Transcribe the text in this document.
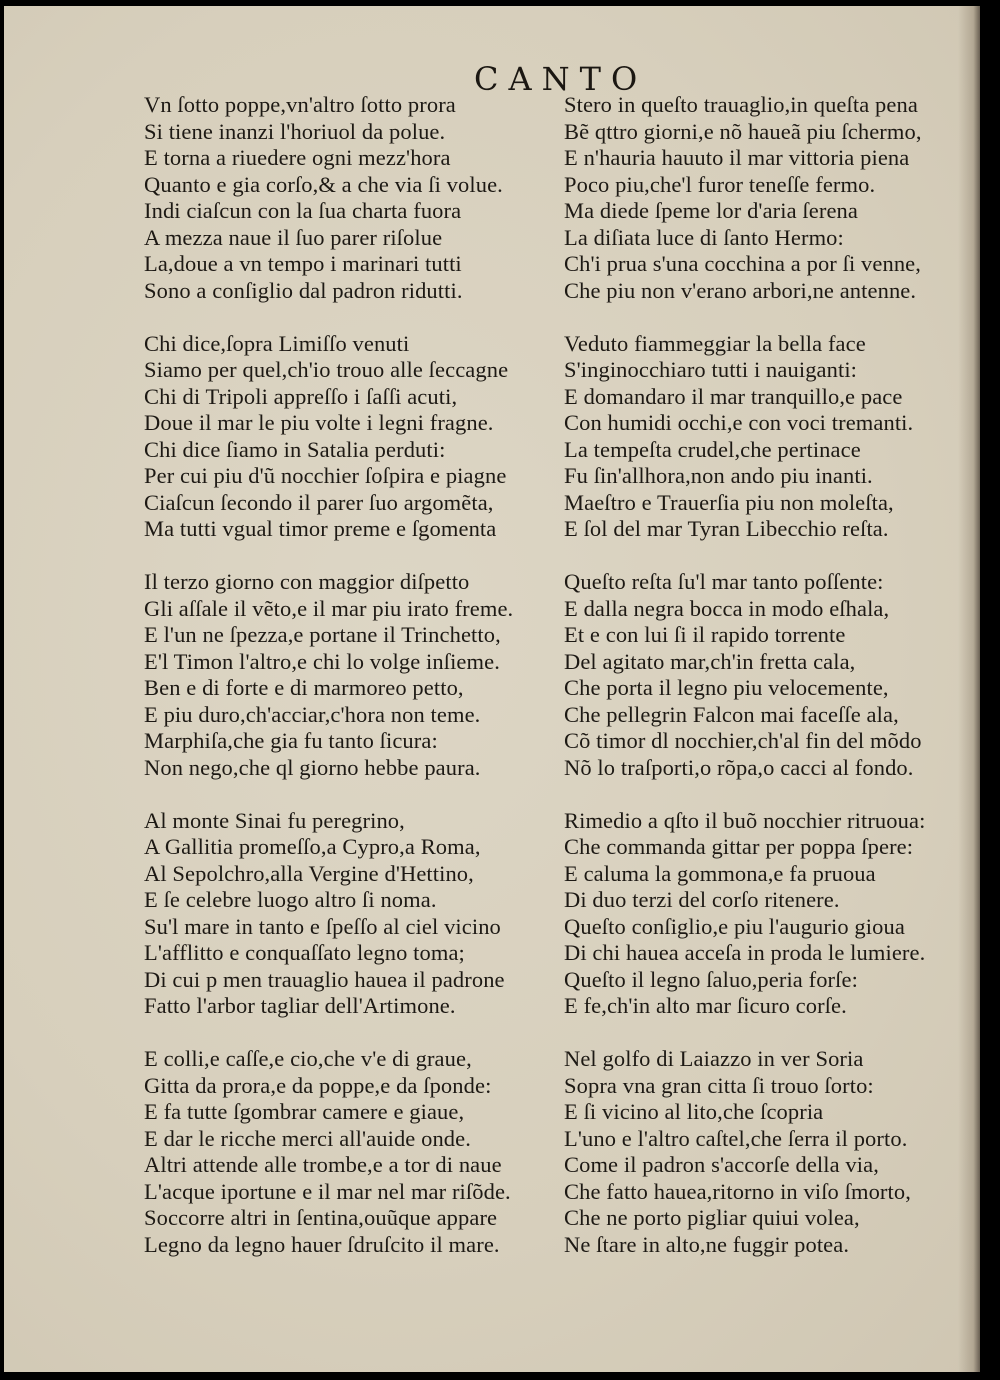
CANTO
Vn ſotto poppe,vn'altro ſotto prora
Si tiene inanzi l'horiuol da polue.
E torna a riuedere ogni mezz'hora
Quanto e gia corſo,& a che via ſi volue.
Indi ciaſcun con la ſua charta fuora
A mezza naue il ſuo parer riſolue
La,doue a vn tempo i marinari tutti
Sono a conſiglio dal padron ridutti.
Chi dice,ſopra Limiſſo venuti
Siamo per quel,ch'io trouo alle ſeccagne
Chi di Tripoli appreſſo i ſaſſi acuti,
Doue il mar le piu volte i legni fragne.
Chi dice ſiamo in Satalia perduti:
Per cui piu d'ũ nocchier ſoſpira e piagne
Ciaſcun ſecondo il parer ſuo argomẽta,
Ma tutti vgual timor preme e ſgomenta
Il terzo giorno con maggior diſpetto
Gli aſſale il vẽto,e il mar piu irato freme.
E l'un ne ſpezza,e portane il Trinchetto,
E'l Timon l'altro,e chi lo volge inſieme.
Ben e di forte e di marmoreo petto,
E piu duro,ch'acciar,c'hora non teme.
Marphiſa,che gia fu tanto ſicura:
Non nego,che ql giorno hebbe paura.
Al monte Sinai fu peregrino,
A Gallitia promeſſo,a Cypro,a Roma,
Al Sepolchro,alla Vergine d'Hettino,
E ſe celebre luogo altro ſi noma.
Su'l mare in tanto e ſpeſſo al ciel vicino
L'afflitto e conquaſſato legno toma;
Di cui p men trauaglio hauea il padrone
Fatto l'arbor tagliar dell'Artimone.
E colli,e caſſe,e cio,che v'e di graue,
Gitta da prora,e da poppe,e da ſponde:
E fa tutte ſgombrar camere e giaue,
E dar le ricche merci all'auide onde.
Altri attende alle trombe,e a tor di naue
L'acque iportune e il mar nel mar riſõde.
Soccorre altri in ſentina,ouũque appare
Legno da legno hauer ſdruſcito il mare.
Stero in queſto trauaglio,in queſta pena
Bẽ qttro giorni,e nõ haueã piu ſchermo,
E n'hauria hauuto il mar vittoria piena
Poco piu,che'l furor teneſſe fermo.
Ma diede ſpeme lor d'aria ſerena
La diſiata luce di ſanto Hermo:
Ch'i prua s'una cocchina a por ſi venne,
Che piu non v'erano arbori,ne antenne.
Veduto fiammeggiar la bella face
S'inginocchiaro tutti i nauiganti:
E domandaro il mar tranquillo,e pace
Con humidi occhi,e con voci tremanti.
La tempeſta crudel,che pertinace
Fu ſin'allhora,non ando piu inanti.
Maeſtro e Trauerſia piu non moleſta,
E ſol del mar Tyran Libecchio reſta.
Queſto reſta ſu'l mar tanto poſſente:
E dalla negra bocca in modo eſhala,
Et e con lui ſi il rapido torrente
Del agitato mar,ch'in fretta cala,
Che porta il legno piu velocemente,
Che pellegrin Falcon mai faceſſe ala,
Cõ timor dl nocchier,ch'al fin del mõdo
Nõ lo traſporti,o rõpa,o cacci al fondo.
Rimedio a qſto il buõ nocchier ritruoua:
Che commanda gittar per poppa ſpere:
E caluma la gommona,e fa pruoua
Di duo terzi del corſo ritenere.
Queſto conſiglio,e piu l'augurio gioua
Di chi hauea acceſa in proda le lumiere.
Queſto il legno ſaluo,peria forſe:
E fe,ch'in alto mar ſicuro corſe.
Nel golfo di Laiazzo in ver Soria
Sopra vna gran citta ſi trouo ſorto:
E ſi vicino al lito,che ſcopria
L'uno e l'altro caſtel,che ſerra il porto.
Come il padron s'accorſe della via,
Che fatto hauea,ritorno in viſo ſmorto,
Che ne porto pigliar quiui volea,
Ne ſtare in alto,ne fuggir potea.
